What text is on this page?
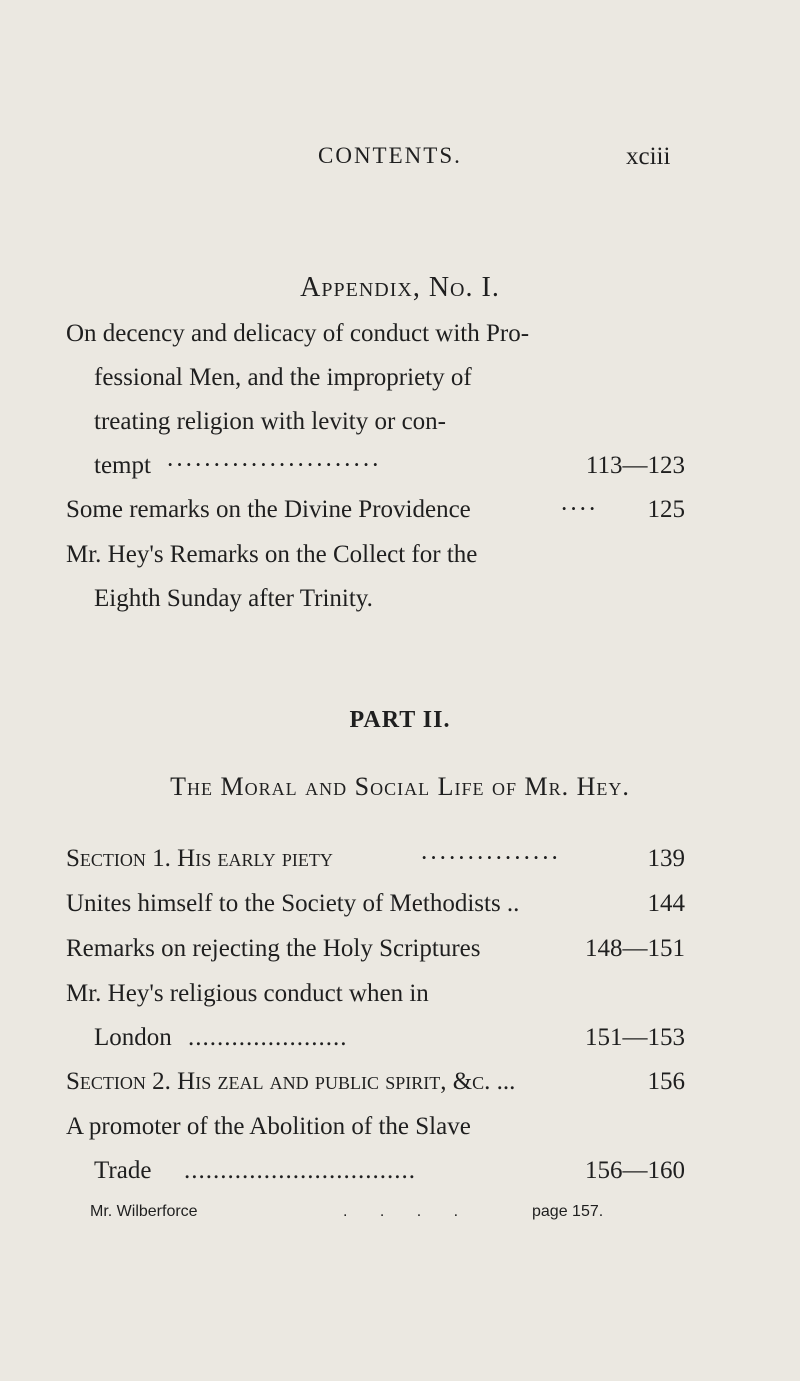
CONTENTS.	xciii
Appendix, No. I.
On decency and delicacy of conduct with Pro-
fessional Men, and the impropriety of
treating religion with levity or con-
tempt ·······················	113—123
Some remarks on the Divine Providence	···· 125
Mr. Hey's Remarks on the Collect for the
Eighth Sunday after Trinity.
PART II.
The Moral and Social Life of Mr. Hey.
Section 1. His early piety	···············	139
Unites himself to the Society of Methodists ..	144
Remarks on rejecting the Holy Scriptures	148—151
Mr. Hey's religious conduct when in
London ......................	151—153
Section 2. His zeal and public spirit, &c. ...	156
A promoter of the Abolition of the Slave
Trade ................................	156—160
Mr. Wilberforce	. . . .	page 157.
